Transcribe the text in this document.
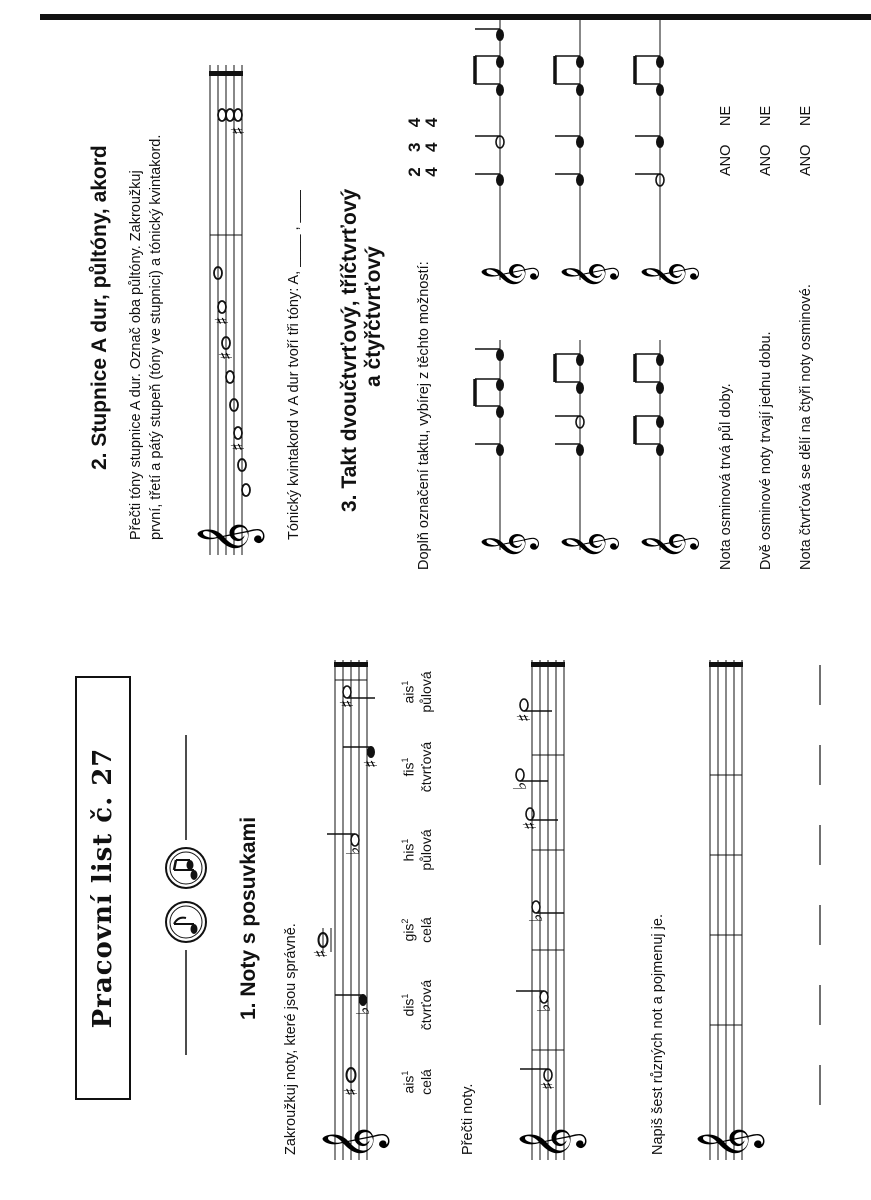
Pracovní list č. 27	1. Noty s posuvkami
Zakroužkuj noty, které jsou správně. 𝄞
♯
♭
♯
♭
♯
♯
ais$^1$ celá
dis$^1$ čtvrťová
gis$^2$ celá
his$^1$ půlová
fis$^1$ čtvrťová
ais$^1$ půlová
Přečti noty. 𝄞
♯
♭
♭
♯
♭
♯
Napiš šest různých not a pojmenuj je. 𝄞
2. Stupnice A dur, půltóny, akord Přečti tóny stupnice A dur. Označ oba půltóny. Zakroužkuj první, třetí a pátý stupeň (tóny ve stupnici) a tónický kvintakord. 𝄞
♯
♯
♯
♯
Tónický kvintakord v A dur tvoří tři tóny: A, ____ , ____ 3. Takt dvoučtvrťový, tříčtvrťový a čtyřčtvrťový Doplň označení taktu, vybírej z těchto možností:
2
4

3
4

4
4
𝄞
𝄞
𝄞
𝄞
𝄞
𝄞
Nota osminová trvá půl doby.
ANO
NE
Dvě osminové noty trvají jednu dobu.
ANO
NE
Nota čtvrťová se dělí na čtyři noty osminové.
ANO
NE
